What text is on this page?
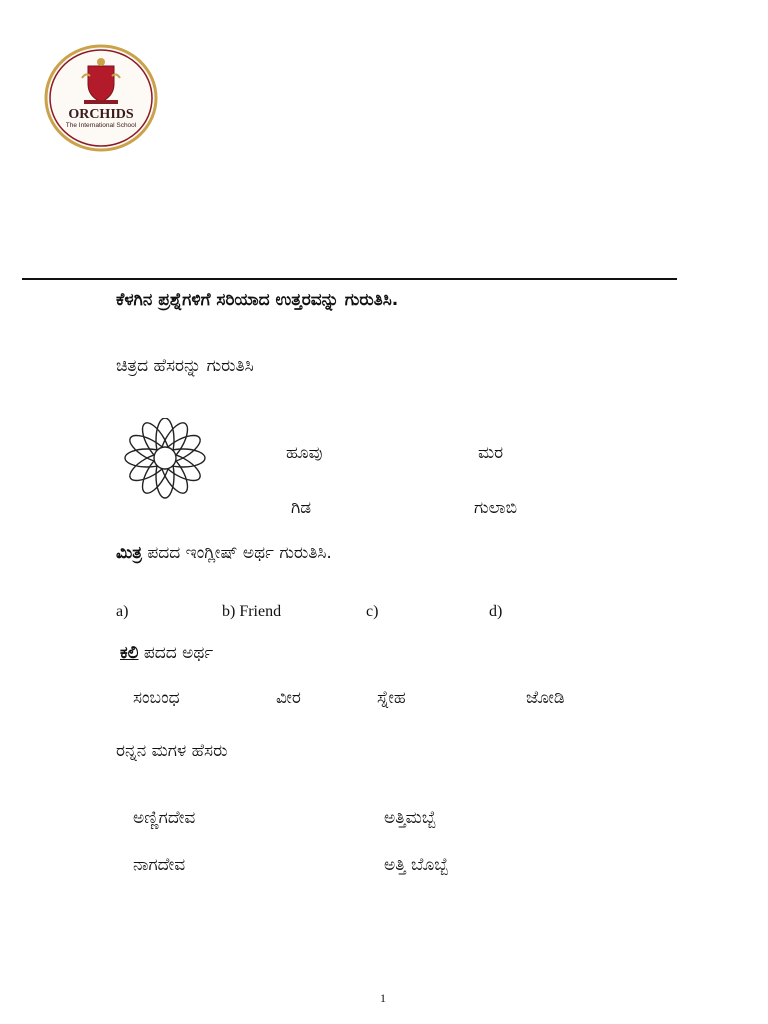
ORCHIDS
The International School
ಕೆಳಗಿನ ಪ್ರಶ್ನೆಗಳಿಗೆ ಸರಿಯಾದ ಉತ್ತರವನ್ನು ಗುರುತಿಸಿ.
ಚಿತ್ರದ ಹೆಸರನ್ನು ಗುರುತಿಸಿ
ಹೂವು	ಮರ
ಗಿಡ	ಗುಲಾಬಿ
ಮಿತ್ರ ಪದದ ಇಂಗ್ಲೀಷ್ ಅರ್ಥ ಗುರುತಿಸಿ.
a)	b) Friend	c)	d)
ಕಲಿ ಪದದ ಅರ್ಥ
ಸಂಬಂಧ	ವೀರ	ಸ್ನೇಹ	ಜೋಡಿ
ರನ್ನನ ಮಗಳ ಹೆಸರು
ಅಣ್ಣಿಗದೇವ	ಅತ್ತಿಮಬ್ಬೆ
ನಾಗದೇವ	ಅತ್ತಿ ಬೊಬ್ಬೆ
1
